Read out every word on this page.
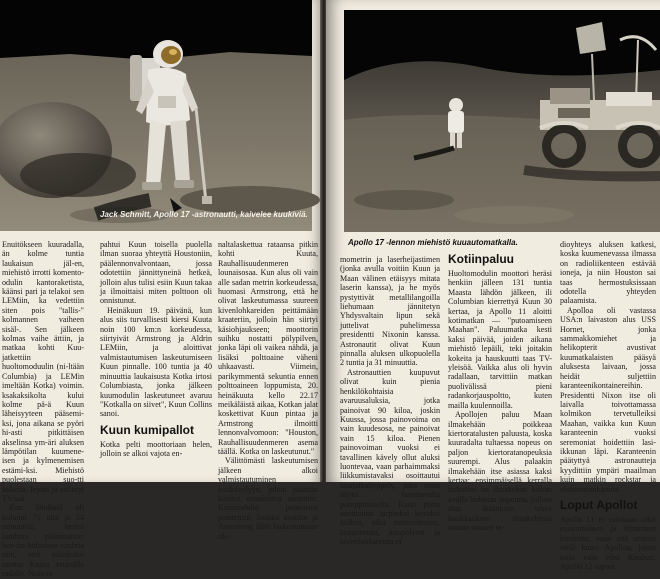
Jack Schmitt, Apollo 17 -astronautti, kaivelee kuukiviä.

Enuitökseen kuuradalla, än kolme tuntia laukaisun jäl-en, miehistö irrotti komento-odulin kantoraketista, käänsi pari ja telakoi sen LEMiin, ka vedettiin siten pois "tallis-" kolmannen vaiheen sisäl-. Sen jälkeen kolmas vaihe ättiin, ja matkaa kohti Kuu-jatkettiin huoltomoduulin (ni-ltään Columbia) ja LEMin imeltään Kotka) voimin. ksakaksikolta kului kolme pä-ä Kuun läheisyyteen pääsemi-ksi, jona aikana se pyöri hi-asti pitkittäisen akselinsa ym-äri aluksen lämpötilan kuumene-isen ja kylmenemisen estämi-ksi. Miehistö puolestaan suo-tti kokeita, lepäsi ja esiintyi TV:ssä.

Kun lähdöstä oli kulunut 75 ntia ja 54 minuuttia, heräsi lumbian päämoottori hen-iin hidastaen vauhtia niin, että uskaksiko asettui Kuuta ertävälle radalle. Noin to

pahtui Kuun toisella puolella ilman suoraa yhteyttä Houstoniin, päälennonvalvontaan, jossa odotettiin jännittyneinä hetkeä, jolloin alus tulisi esiin Kuun takaa ja ilmoittaisi miten polttoon oli onnistunut.

Heinäkuun 19. päivänä, kun alus siis turvallisesti kiersi Kuuta noin 100 km:n korkeudessa, siirtyivät Armstrong ja Aldrin LEMiin, ja aloittivat valmistautumisen laskeutumiseen Kuun pinnalle. 100 tuntia ja 40 minuuttia laukaisusta Kotka irtosi Columbiasta, jonka jälkeen kuumodulin laskeutuneet avaruu "Kotkalla on siivet", Kuun Collins sanoi.

Kuun kumipallot

Kotka pelti moottoriaan helen, jolloin se alkoi vajota en-

naltalaskettua rataansa pitkin kohti Kuuta, Rauhallisuudenmeren lounaisosaa. Kun alus oli vain alle sadan metrin korkeudessa, huomasi Armstrong, että he olivat laskeutumassa suureen kivenlohkareiden peittämään kraateriin, jolloin hän siirtyi käsiohjaukseen; moottorin suihku nostatti pölypilven, jonka läpi oli vaikea nähdä, ja lisäksi polttoaine väheni uhkaavasti. Viimein, parikymmentä sekuntia ennen polttoaineen loppumista, 20. heinäkuuta kello 22.17 meikäläistä aikaa, Kotkan jalat koskettivat Kuun pintaa ja Armstrong ilmoitti lennonvalvomoon: "Houston, Rauhallisuudenmeren asema täällä. Kotka on laskeutunut."

Välittömästi laskeutumisen jälkeen alkoi valmistautuminen kuukävelyyn, johon päästiin käsiksi ennakoitua aiemmin. Kuumodulin paineistus poistettiin, luukku avattiin ja Armstrong lähti laskeutumaan tik-

Apollo 17 -lennon miehistö kuuautomatkalla.

mometrin ja laserheijastimen (jonka avulla voitiin Kuun ja Maan välinen etäisyys mitata laserin kanssa), ja he myös pystyttivät metallilangoilla liehumaan jännitetyn Yhdysvaltain lipun sekä juttelivat puhelimessa presidentti Nixonin kanssa. Astronautit olivat Kuun pinnalla aluksen ulkopuolella 2 tuntia ja 31 minuuttia.

Astronauttien kuupuvut olivat kuin pienia henkilökohtaisia avaruusaluksia, jotka painoivat 90 kiloa, joskin Kuussa, jossa painovoima on vain kuudesosa, ne painoivat vain 15 kiloa. Pienen painovoiman vuoksi ei tavallinen kävely ollut aluksi luontevaa, vaan parhaimmaksi liikkumistavaksi osoittautui tasajalkahyppely, joka tosin näytti huvittavalta pomppimiselta. Kuun pinta osoittautui tarpeeksi kovaksi kulkea, eikä meteoriiteista, kraatereista, kuupölystä ja kivenlohkareista ei

Kotiinpaluu

Huoltomodulin moottori heräsi henkiin jälleen 131 tuntia Maasta lähdön jälkeen, ili Columbian kierrettyä Kuun 30 kertaa, ja Apollo 11 aloitti kotimatkan — "putoamiseen Maahan". Paluumatka kesti kaksi päivää, joiden aikana miehistö lepäili, teki joitakin kokeita ja hauskuutti taas TV-yleisöä. Vaikka alus oli hyvin radallaan, tarvittiin matkan puolivälissä pieni radankorjauspoltto, kuten mailla kuulennoilla.

Apollojen paluu Maan ilmakehään poikkeaa kiertoratalusten paluusta, koska kuuradalta tultaessa nopeus on paljon kiertoratanopeuksia suurempi. Alus palaakin ilmakehään itse asiassa kaksi kertaa; ensimmäisellä kerralla tarkoitus on ilmakehän kitkan avulla hidastaa nopeutta, jolloin alus ikäänkuin tekee koukkauksen ilmakehässä nousta nousee ta-

dioyhteys aluksen katkesi, koska kuumenevassa ilmassa on radioliikenteen estävää ioneja, ja niin Houston sai taas hermostuksissaan odotella yhteyden palaamista.

Apolloa oli vastassa USA:n laivaston alus USS Hornet, jonka sammakkomiehet ja helikopterit avustivat kuumatkalaisten pääsyä aluksesta laivaan, jossa heidät suljettiin karanteenikontainereihin. Presidentti Nixon itse oli laivalla toivottamassa kolmikon tervetulleiksi Maahan, vaikka kun Kuun karanteenin vuoksi seremoniat hoidettiin lasi-ikkunan läpi. Karanteenin päätyttyä astronautteja kyydittiin ympäri maailman kuin matkin rockstar ja elokuvasankareita.

Loput Apollot

Apollo 11 ei suinkaan ollut ensimmäinen ja viimeinen kuulento, vaan sitä seurasi vielä kuusi Apolloa, joista toiin vain viisi Kuuhun. Apollo 12 aapasi
